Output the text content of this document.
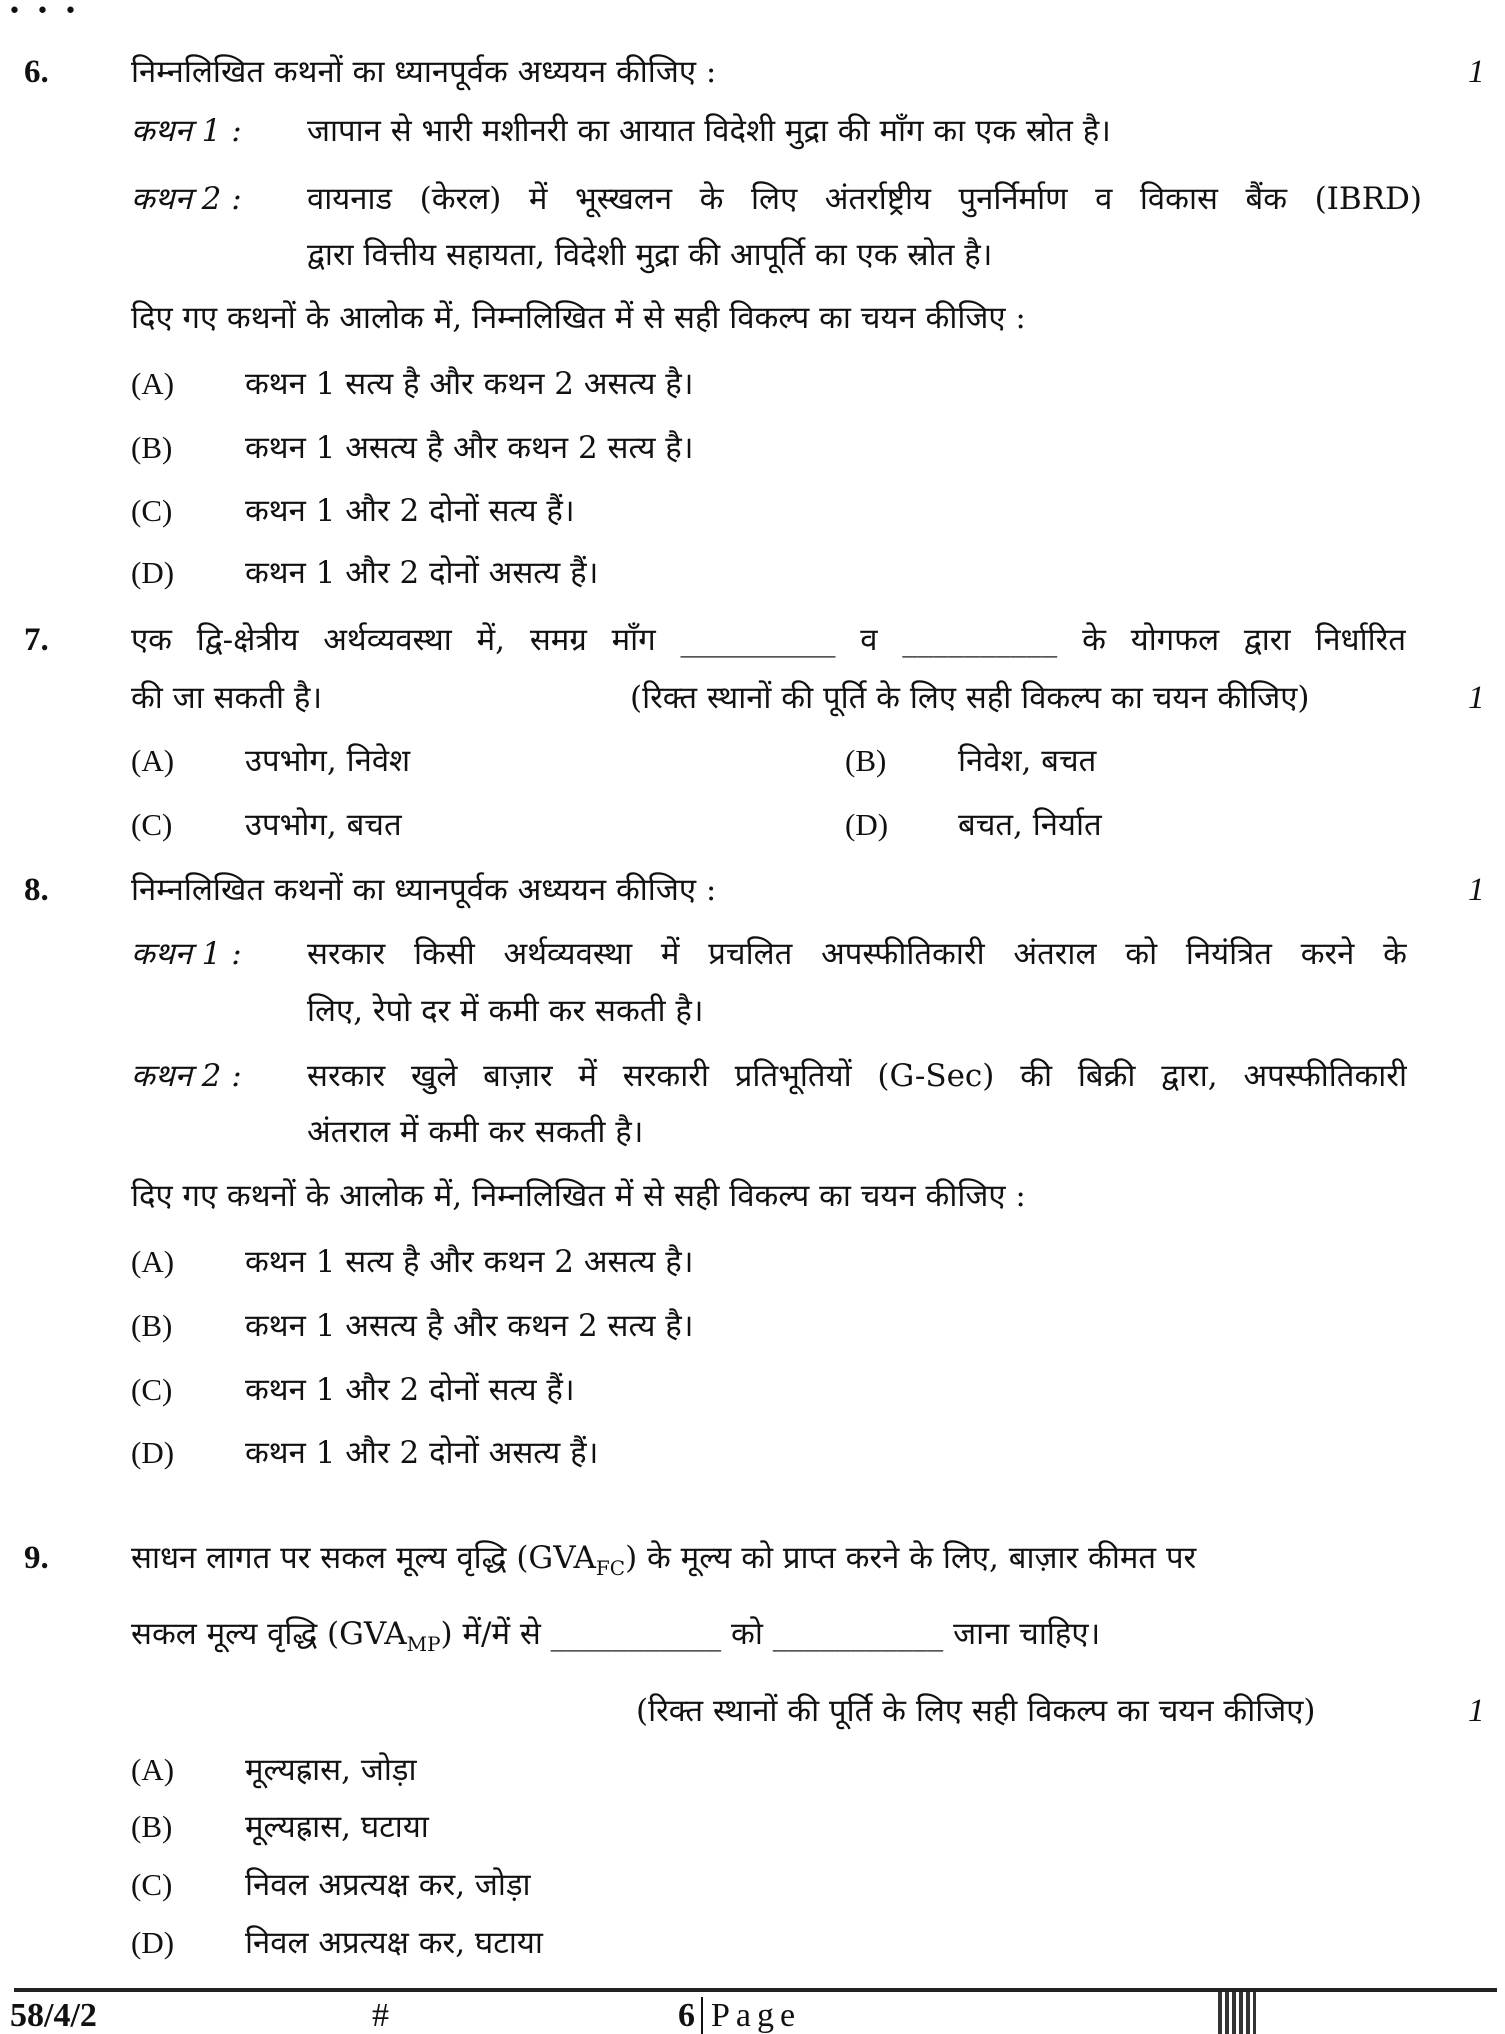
• • •
6.	निम्नलिखित कथनों का ध्यानपूर्वक अध्ययन कीजिए :	1
कथन 1 : जापान से भारी मशीनरी का आयात विदेशी मुद्रा की माँग का एक स्रोत है।
कथन 2 : वायनाड (केरल) में भूस्खलन के लिए अंतर्राष्ट्रीय पुनर्निर्माण व विकास बैंक (IBRD)
द्वारा वित्तीय सहायता, विदेशी मुद्रा की आपूर्ति का एक स्रोत है।
दिए गए कथनों के आलोक में, निम्नलिखित में से सही विकल्प का चयन कीजिए :
(A) कथन 1 सत्य है और कथन 2 असत्य है।
(B) कथन 1 असत्य है और कथन 2 सत्य है।
(C) कथन 1 और 2 दोनों सत्य हैं।
(D) कथन 1 और 2 दोनों असत्य हैं।
7.	एक द्वि-क्षेत्रीय अर्थव्यवस्था में, समग्र माँग __________ व __________ के योगफल द्वारा निर्धारित
की जा सकती है।	(रिक्त स्थानों की पूर्ति के लिए सही विकल्प का चयन कीजिए)	1
(A) उपभोग, निवेश	(B) निवेश, बचत
(C) उपभोग, बचत	(D) बचत, निर्यात
8.	निम्नलिखित कथनों का ध्यानपूर्वक अध्ययन कीजिए :	1
कथन 1 : सरकार किसी अर्थव्यवस्था में प्रचलित अपस्फीतिकारी अंतराल को नियंत्रित करने के
लिए, रेपो दर में कमी कर सकती है।
कथन 2 : सरकार खुले बाज़ार में सरकारी प्रतिभूतियों (G-Sec) की बिक्री द्वारा, अपस्फीतिकारी
अंतराल में कमी कर सकती है।
दिए गए कथनों के आलोक में, निम्नलिखित में से सही विकल्प का चयन कीजिए :
(A) कथन 1 सत्य है और कथन 2 असत्य है।
(B) कथन 1 असत्य है और कथन 2 सत्य है।
(C) कथन 1 और 2 दोनों सत्य हैं।
(D) कथन 1 और 2 दोनों असत्य हैं।
9.	साधन लागत पर सकल मूल्य वृद्धि $(GVA_{FC})$ के मूल्य को प्राप्त करने के लिए, बाज़ार कीमत पर
सकल मूल्य वृद्धि $(GVA_{MP})$ में/में से ___________ को ___________ जाना चाहिए।
(रिक्त स्थानों की पूर्ति के लिए सही विकल्प का चयन कीजिए)	1
(A) मूल्यह्रास, जोड़ा
(B) मूल्यह्रास, घटाया
(C) निवल अप्रत्यक्ष कर, जोड़ा
(D) निवल अप्रत्यक्ष कर, घटाया
58/4/2	#	6 Page
